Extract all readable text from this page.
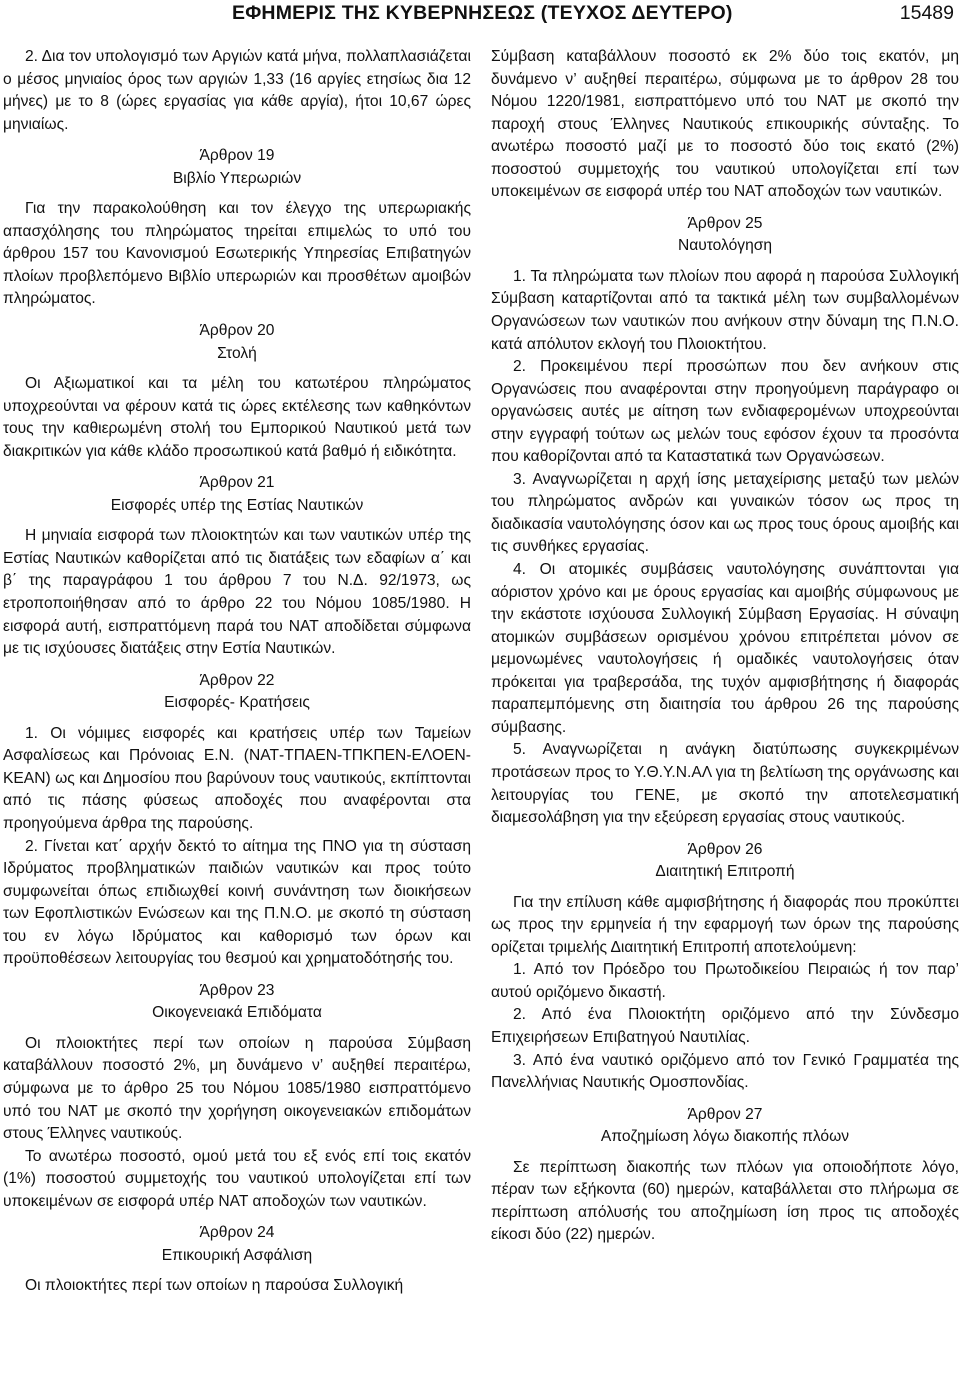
ΕΦΗΜΕΡΙΣ ΤΗΣ ΚΥΒΕΡΝΗΣΕΩΣ (ΤΕΥΧΟΣ ΔΕΥΤΕΡΟ)	15489

2. Δια τον υπολογισμό των Αργιών κατά μήνα, πολλαπλασιάζεται ο μέσος μηνιαίος όρος των αργιών 1,33 (16 αργίες ετησίως δια 12 μήνες) με το 8 (ώρες εργασίας για κάθε αργία), ήτοι 10,67 ώρες μηνιαίως.

Άρθρον 19

Βιβλίο Υπερωριών

Για την παρακολούθηση και τον έλεγχο της υπερωριακής απασχόλησης του πληρώματος τηρείται επιμελώς το υπό του άρθρου 157 του Κανονισμού Εσωτερικής Υπηρεσίας Επιβατηγών πλοίων προβλεπόμενο Βιβλίο υπερωριών και προσθέτων αμοιβών πληρώματος.

Άρθρον 20

Στολή

Οι Αξιωματικοί και τα μέλη του κατωτέρου πληρώματος υποχρεούνται να φέρουν κατά τις ώρες εκτέλεσης των καθηκόντων τους την καθιερωμένη στολή του Εμπορικού Ναυτικού μετά των διακριτικών για κάθε κλάδο προσωπικού κατά βαθμό ή ειδικότητα.

Άρθρον 21

Εισφορές υπέρ της Εστίας Ναυτικών

Η μηνιαία εισφορά των πλοιοκτητών και των ναυτικών υπέρ της Εστίας Ναυτικών καθορίζεται από τις διατάξεις των εδαφίων α΄ και β΄ της παραγράφου 1 του άρθρου 7 του Ν.Δ. 92/1973, ως ετροποποιήθησαν από το άρθρο 22 του Νόμου 1085/1980. Η εισφορά αυτή, εισπραττόμενη παρά του ΝΑΤ αποδίδεται σύμφωνα με τις ισχύουσες διατάξεις στην Εστία Ναυτικών.

Άρθρον 22

Εισφορές- Κρατήσεις

1. Οι νόμιμες εισφορές και κρατήσεις υπέρ των Ταμείων Ασφαλίσεως και Πρόνοιας Ε.Ν. (ΝΑΤ-ΤΠΑΕΝ-ΤΠΚΠΕΝ-ΕΛΟΕΝ-ΚΕΑΝ) ως και Δημοσίου που βαρύνουν τους ναυτικούς, εκπίπτονται από τις πάσης φύσεως αποδοχές που αναφέρονται στα προηγούμενα άρθρα της παρούσης.

2. Γίνεται κατ΄ αρχήν δεκτό το αίτημα της ΠΝΟ για τη σύσταση Ιδρύματος προβληματικών παιδιών ναυτικών και προς τούτο συμφωνείται όπως επιδιωχθεί κοινή συνάντηση των διοικήσεων των Εφοπλιστικών Ενώσεων και της Π.Ν.Ο. με σκοπό τη σύσταση του εν λόγω Ιδρύματος και καθορισμό των όρων και προϋποθέσεων λειτουργίας του θεσμού και χρηματοδότησής του.

Άρθρον 23

Οικογενειακά Επιδόματα

Οι πλοιοκτήτες περί των οποίων η παρούσα Σύμβαση καταβάλλουν ποσοστό 2%, μη δυνάμενο ν’ αυξηθεί περαιτέρω, σύμφωνα με το άρθρο 25 του Νόμου 1085/1980 εισπραττόμενο υπό του ΝΑΤ με σκοπό την χορήγηση οικογενειακών επιδομάτων στους Έλληνες ναυτικούς.

Το ανωτέρω ποσοστό, ομού μετά του εξ ενός επί τοις εκατόν (1%) ποσοστού συμμετοχής του ναυτικού υπολογίζεται επί των υποκειμένων σε εισφορά υπέρ ΝΑΤ αποδοχών των ναυτικών.

Άρθρον 24

Επικουρική Ασφάλιση

Οι πλοιοκτήτες περί των οποίων η παρούσα Συλλογική

Σύμβαση καταβάλλουν ποσοστό εκ 2% δύο τοις εκατόν, μη δυνάμενο ν’ αυξηθεί περαιτέρω, σύμφωνα με το άρθρον 28 του Νόμου 1220/1981, εισπραττόμενο υπό του ΝΑΤ με σκοπό την παροχή στους Έλληνες Ναυτικούς επικουρικής σύνταξης. Το ανωτέρω ποσοστό μαζί με το ποσοστό δύο τοις εκατό (2%) ποσοστού συμμετοχής του ναυτικού υπολογίζεται επί των υποκειμένων σε εισφορά υπέρ του ΝΑΤ αποδοχών των ναυτικών.

Άρθρον 25

Ναυτολόγηση

1. Τα πληρώματα των πλοίων που αφορά η παρούσα Συλλογική Σύμβαση καταρτίζονται από τα τακτικά μέλη των συμβαλλομένων Οργανώσεων των ναυτικών που ανήκουν στην δύναμη της Π.Ν.Ο. κατά απόλυτον εκλογή του Πλοιοκτήτου.

2. Προκειμένου περί προσώπων που δεν ανήκουν στις Οργανώσεις που αναφέρονται στην προηγούμενη παράγραφο οι οργανώσεις αυτές με αίτηση των ενδιαφερομένων υποχρεούνται στην εγγραφή τούτων ως μελών τους εφόσον έχουν τα προσόντα που καθορίζονται από τα Καταστατικά των Οργανώσεων.

3. Αναγνωρίζεται η αρχή ίσης μεταχείρισης μεταξύ των μελών του πληρώματος ανδρών και γυναικών τόσον ως προς τη διαδικασία ναυτολόγησης όσον και ως προς τους όρους αμοιβής και τις συνθήκες εργασίας.

4. Οι ατομικές συμβάσεις ναυτολόγησης συνάπτονται για αόριστον χρόνο και με όρους εργασίας και αμοιβής σύμφωνους με την εκάστοτε ισχύουσα Συλλογική Σύμβαση Εργασίας. Η σύναψη ατομικών συμβάσεων ορισμένου χρόνου επιτρέπεται μόνον σε μεμονωμένες ναυτολογήσεις ή ομαδικές ναυτολογήσεις όταν πρόκειται για τραβερσάδα, της τυχόν αμφισβήτησης ή διαφοράς παραπεμπόμενης στη διαιτησία του άρθρου 26 της παρούσης σύμβασης.

5. Αναγνωρίζεται η ανάγκη διατύπωσης συγκεκριμένων προτάσεων προς το Υ.Θ.Υ.Ν.ΑΛ για τη βελτίωση της οργάνωσης και λειτουργίας του ΓΕΝΕ, με σκοπό την αποτελεσματική διαμεσολάβηση για την εξεύρεση εργασίας στους ναυτικούς.

Άρθρον 26

Διαιτητική Επιτροπή

Για την επίλυση κάθε αμφισβήτησης ή διαφοράς που προκύπτει ως προς την ερμηνεία ή την εφαρμογή των όρων της παρούσης ορίζεται τριμελής Διαιτητική Επιτροπή αποτελούμενη:

1. Από τον Πρόεδρο του Πρωτοδικείου Πειραιώς ή τον παρ’ αυτού οριζόμενο δικαστή.

2. Από ένα Πλοιοκτήτη οριζόμενο από την Σύνδεσμο Επιχειρήσεων Επιβατηγού Ναυτιλίας.

3. Από ένα ναυτικό οριζόμενο από τον Γενικό Γραμματέα της Πανελλήνιας Ναυτικής Ομοσπονδίας.

Άρθρον 27

Αποζημίωση λόγω διακοπής πλόων

Σε περίπτωση διακοπής των πλόων για οποιοδήποτε λόγο, πέραν των εξήκοντα (60) ημερών, καταβάλλεται στο πλήρωμα σε περίπτωση απόλυσής του αποζημίωση ίση προς τις αποδοχές είκοσι δύο (22) ημερών.
